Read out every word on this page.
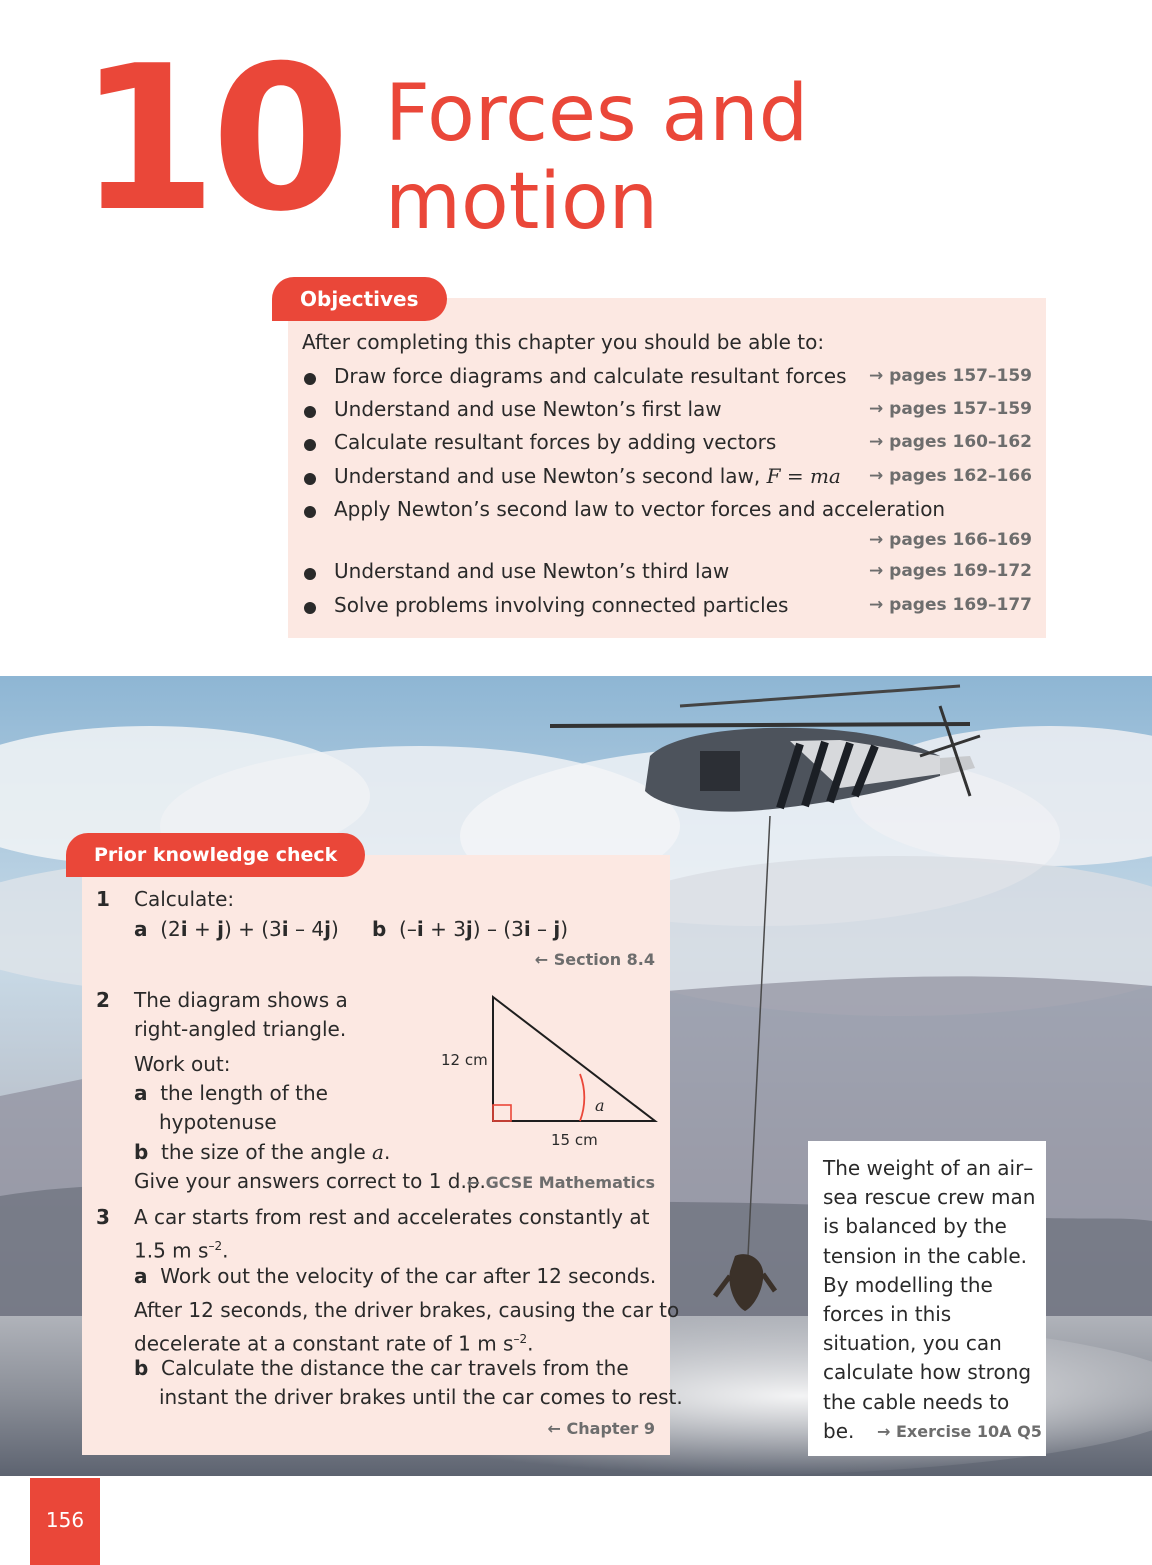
10 Forces and
motion
Objectives
After completing this chapter you should be able to:
Draw force diagrams and calculate resultant forces → pages 157–159
Understand and use Newton’s first law	→ pages 157–159
Calculate resultant forces by adding vectors	→ pages 160–162
Understand and use Newton’s second law, F = ma → pages 162–166
Apply Newton’s second law to vector forces and acceleration
→ pages 166–169
Understand and use Newton’s third law	→ pages 169–172
Solve problems involving connected particles	→ pages 169–177
Prior knowledge check
1 Calculate:
a (2i + j) + (3i – 4j) b (–i + 3j) – (3i – j)
← Section 8.4
2 The diagram shows a
right-angled triangle.
Work out:
a the length of the
hypotenuse
b the size of the angle a.
Give your answers correct to 1 d.p.
← GCSE Mathematics
12 cm
15 cm
a
3 A car starts from rest and accelerates constantly at
1.5 m $s^{-2}$.
a Work out the velocity of the car after 12 seconds.
After 12 seconds, the driver brakes, causing the car to
decelerate at a constant rate of 1 m $s^{-2}$.
b Calculate the distance the car travels from the
instant the driver brakes until the car comes to rest.
← Chapter 9
The weight of an air–sea rescue crew man is balanced by the tension in the cable. By modelling the forces in this situation, you can calculate how strong the cable needs to be.	→ Exercise 10A Q5
156
